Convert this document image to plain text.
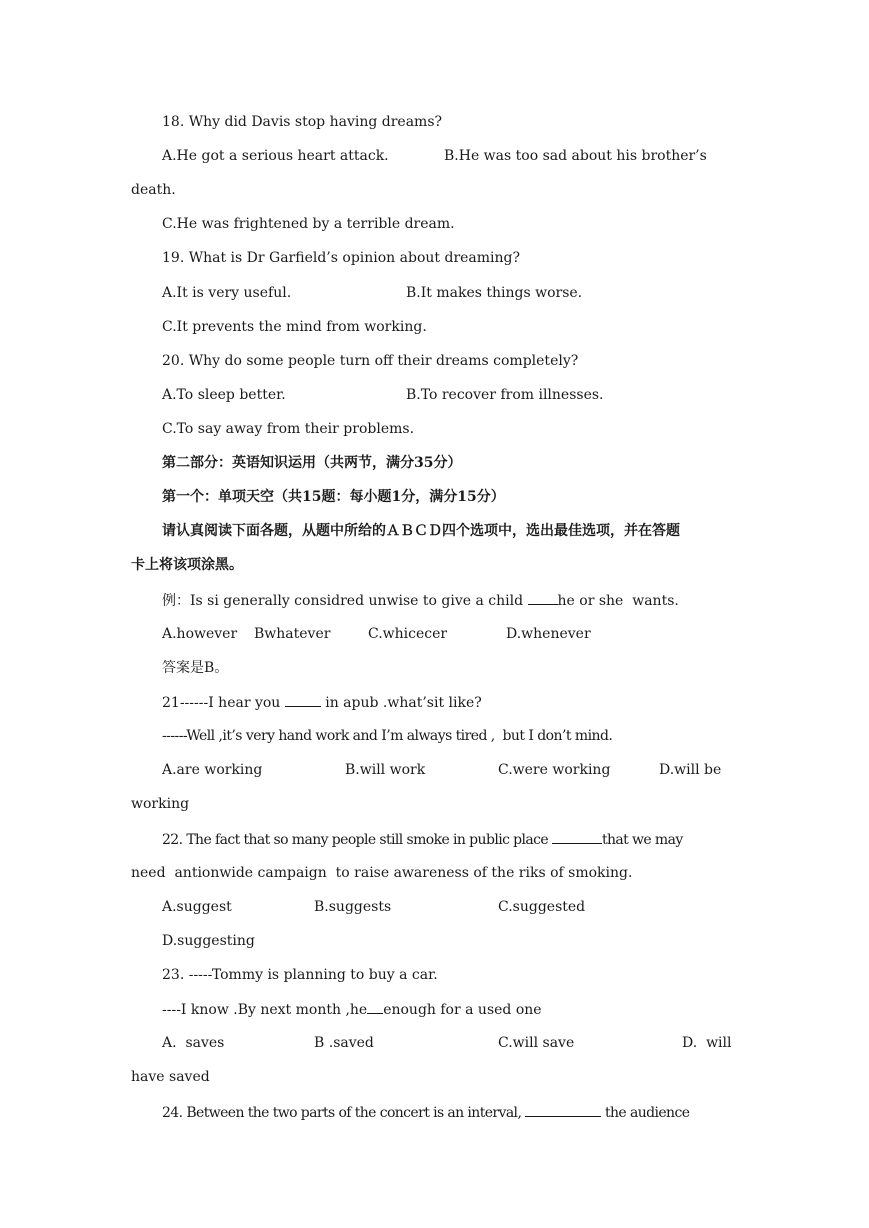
18. Why did Davis stop having dreams?

A.He got a serious heart attack.	B.He was too sad about his brother’s

death.

C.He was frightened by a terrible dream.

19. What is Dr Garfield’s opinion about dreaming?

A.It is very useful.	B.It makes things worse.

C.It prevents the mind from working.

20. Why do some people turn off their dreams completely?

A.To sleep better.	B.To recover from illnesses.

C.To say away from their problems.

第二部分：英语知识运用（共两节，满分35分）

第一个：单项天空（共15题：每小题1分，满分15分）

请认真阅读下面各题，从题中所给的ＡＢＣＤ四个选项中，选出最佳选项，并在答题

卡上将该项涂黑。

例：Is si generally considred unwise to give a child he or she  wants.

A.however Bwhatever	C.whicecer	D.whenever

答案是B。

21------I hear you	in apub .what’sit like?

------Well ,it’s very hand work and I’m always tired ,  but I don’t mind.

A.are working	B.will work	C.were working	D.will be

working

22. The fact that so many people still smoke in public place	that we may

need  antionwide campaign  to raise awareness of the riks of smoking.

A.suggest	B.suggests	C.suggested

D.suggesting

23. -----Tommy is planning to buy a car.

----I know .By next month ,he enough for a used one

A.  saves	B .saved	C.will save	D.  will

have saved

24. Between the two parts of the concert is an interval,	the audience
